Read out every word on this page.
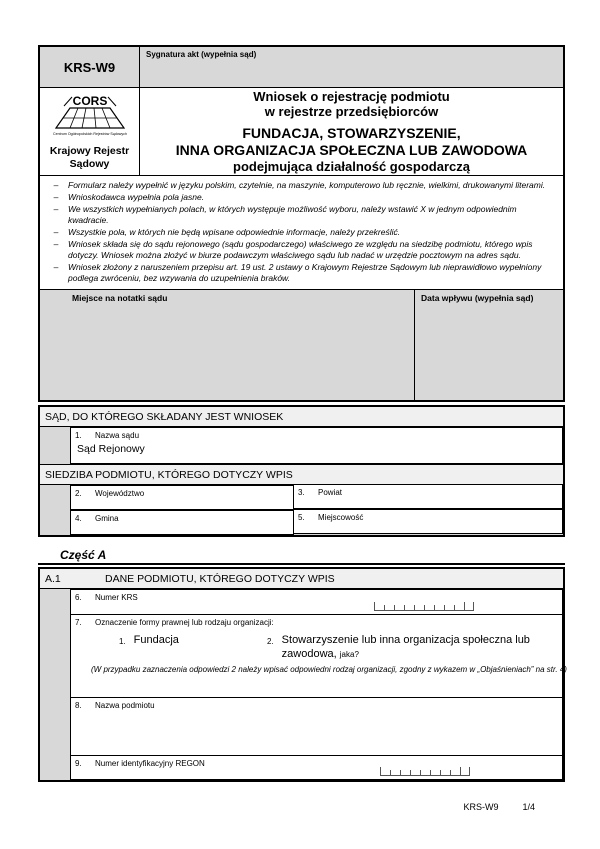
KRS-W9
Sygnatura akt (wypełnia sąd)
CORS
Centrum Ogólnopolskich Rejestrów Sądowych
Krajowy Rejestr
Sądowy
Wniosek o rejestrację podmiotu
w rejestrze przedsiębiorców
FUNDACJA, STOWARZYSZENIE,
INNA ORGANIZACJA SPOŁECZNA LUB ZAWODOWA
podejmująca działalność gospodarczą
–	Formularz należy wypełnić w języku polskim, czytelnie, na maszynie, komputerowo lub ręcznie, wielkimi, drukowanymi literami.
–	Wnioskodawca wypełnia pola jasne.
–	We wszystkich wypełnianych polach, w których występuje możliwość wyboru, należy wstawić X w jednym odpowiednim kwadracie.
–	Wszystkie pola, w których nie będą wpisane odpowiednie informacje, należy przekreślić.
–	Wniosek składa się do sądu rejonowego (sądu gospodarczego) właściwego ze względu na siedzibę podmiotu, którego wpis dotyczy. Wniosek można złożyć w biurze podawczym właściwego sądu lub nadać w urzędzie pocztowym na adres sądu.
–	Wniosek złożony z naruszeniem przepisu art. 19 ust. 2 ustawy o Krajowym Rejestrze Sądowym lub nieprawidłowo wypełniony podlega zwróceniu, bez wzywania do uzupełnienia braków.
Miejsce na notatki sądu	Data wpływu (wypełnia sąd)
SĄD, DO KTÓREGO SKŁADANY JEST WNIOSEK
1.	Nazwa sądu
Sąd Rejonowy
SIEDZIBA PODMIOTU, KTÓREGO DOTYCZY WPIS
2.	Województwo	3.	Powiat
4.	Gmina	5.	Miejscowość
Część A
A.1	DANE PODMIOTU, KTÓREGO DOTYCZY WPIS
6.	Numer KRS
7.	Oznaczenie formy prawnej lub rodzaju organizacji:
1. Fundacja	2. Stowarzyszenie lub inna organizacja społeczna lub zawodowa, jaka?
(W przypadku zaznaczenia odpowiedzi 2 należy wpisać odpowiedni rodzaj organizacji, zgodny z wykazem w „Objaśnieniach” na str. 4)
8.	Nazwa podmiotu
9.	Numer identyfikacyjny REGON
KRS-W9	1/4
